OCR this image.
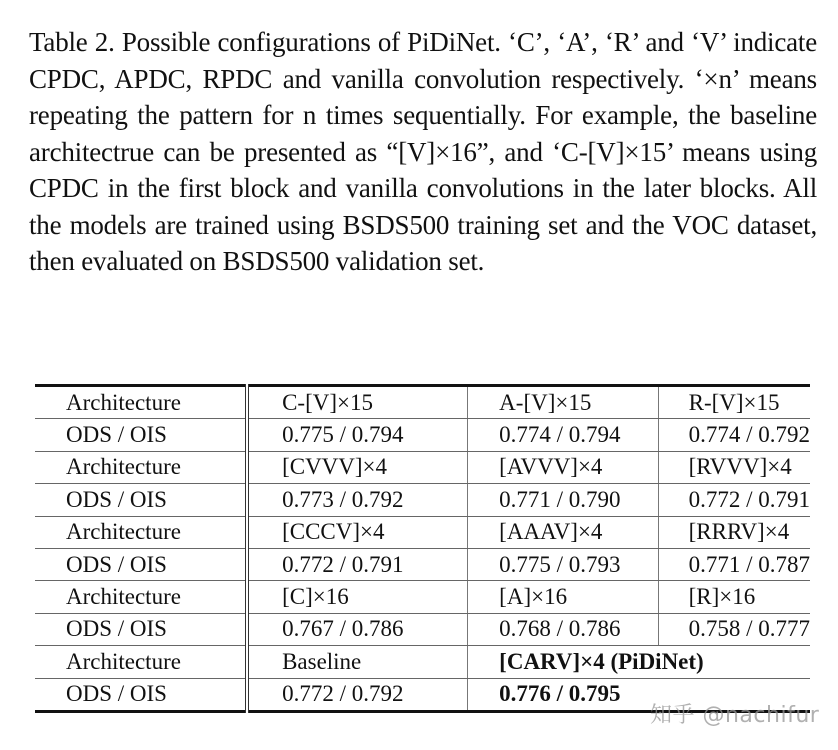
Table 2. Possible configurations of PiDiNet. ‘C’, ‘A’, ‘R’ and ‘V’ indicate CPDC, APDC, RPDC and vanilla convolution respectively. ‘×n’ means repeating the pattern for n times sequentially. For example, the baseline architectrue can be presented as “[V]×16”, and ‘C-[V]×15’ means using CPDC in the first block and vanilla convolutions in the later blocks. All the models are trained using BSDS500 training set and the VOC dataset, then evaluated on BSDS500 validation set.

Architecture	C-[V]×15	A-[V]×15	R-[V]×15
ODS / OIS	0.775 / 0.794	0.774 / 0.794	0.774 / 0.792
Architecture	[CVVV]×4	[AVVV]×4	[RVVV]×4
ODS / OIS	0.773 / 0.792	0.771 / 0.790	0.772 / 0.791
Architecture	[CCCV]×4	[AAAV]×4	[RRRV]×4
ODS / OIS	0.772 / 0.791	0.775 / 0.793	0.771 / 0.787
Architecture	[C]×16	[A]×16	[R]×16
ODS / OIS	0.767 / 0.786	0.768 / 0.786	0.758 / 0.777
Architecture	Baseline	[CARV]×4 (PiDiNet)	
ODS / OIS	0.772 / 0.792	0.776 / 0.795	
知乎 @nachifur
